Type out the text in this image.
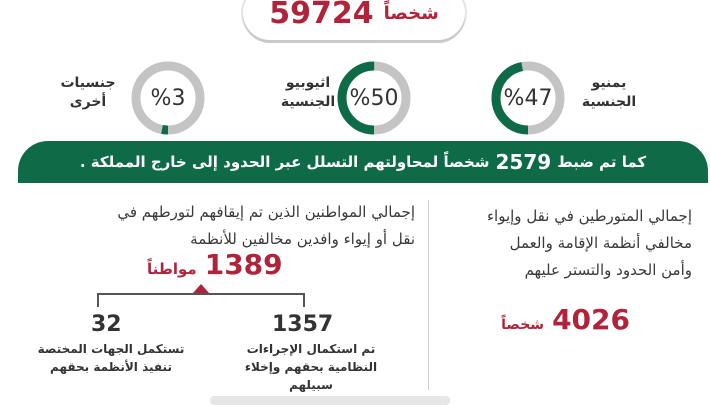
شخصاً
59724
%47
%50
%3
يمنيو
الجنسية
اثيوبيو
الجنسية
جنسيات
أخرى
كما تم ضبط
2579
شخصاً لمحاولتهم التسلل عبر الحدود إلى خارج المملكة .
إجمالي المتورطين في نقل وإيواء
مخالفي أنظمة الإقامة والعمل
وأمن الحدود والتستر عليهم
4026
شخصاً
إجمالي المواطنين الذين تم إيقافهم لتورطهم في
نقل أو إيواء وافدين مخالفين للأنظمة
1389
مواطناً
1357
تم استكمال الإجراءات
النظامية بحقهم وإخلاء سبيلهم
32
تستكمل الجهات المختصة
تنفيذ الأنظمة بحقهم
